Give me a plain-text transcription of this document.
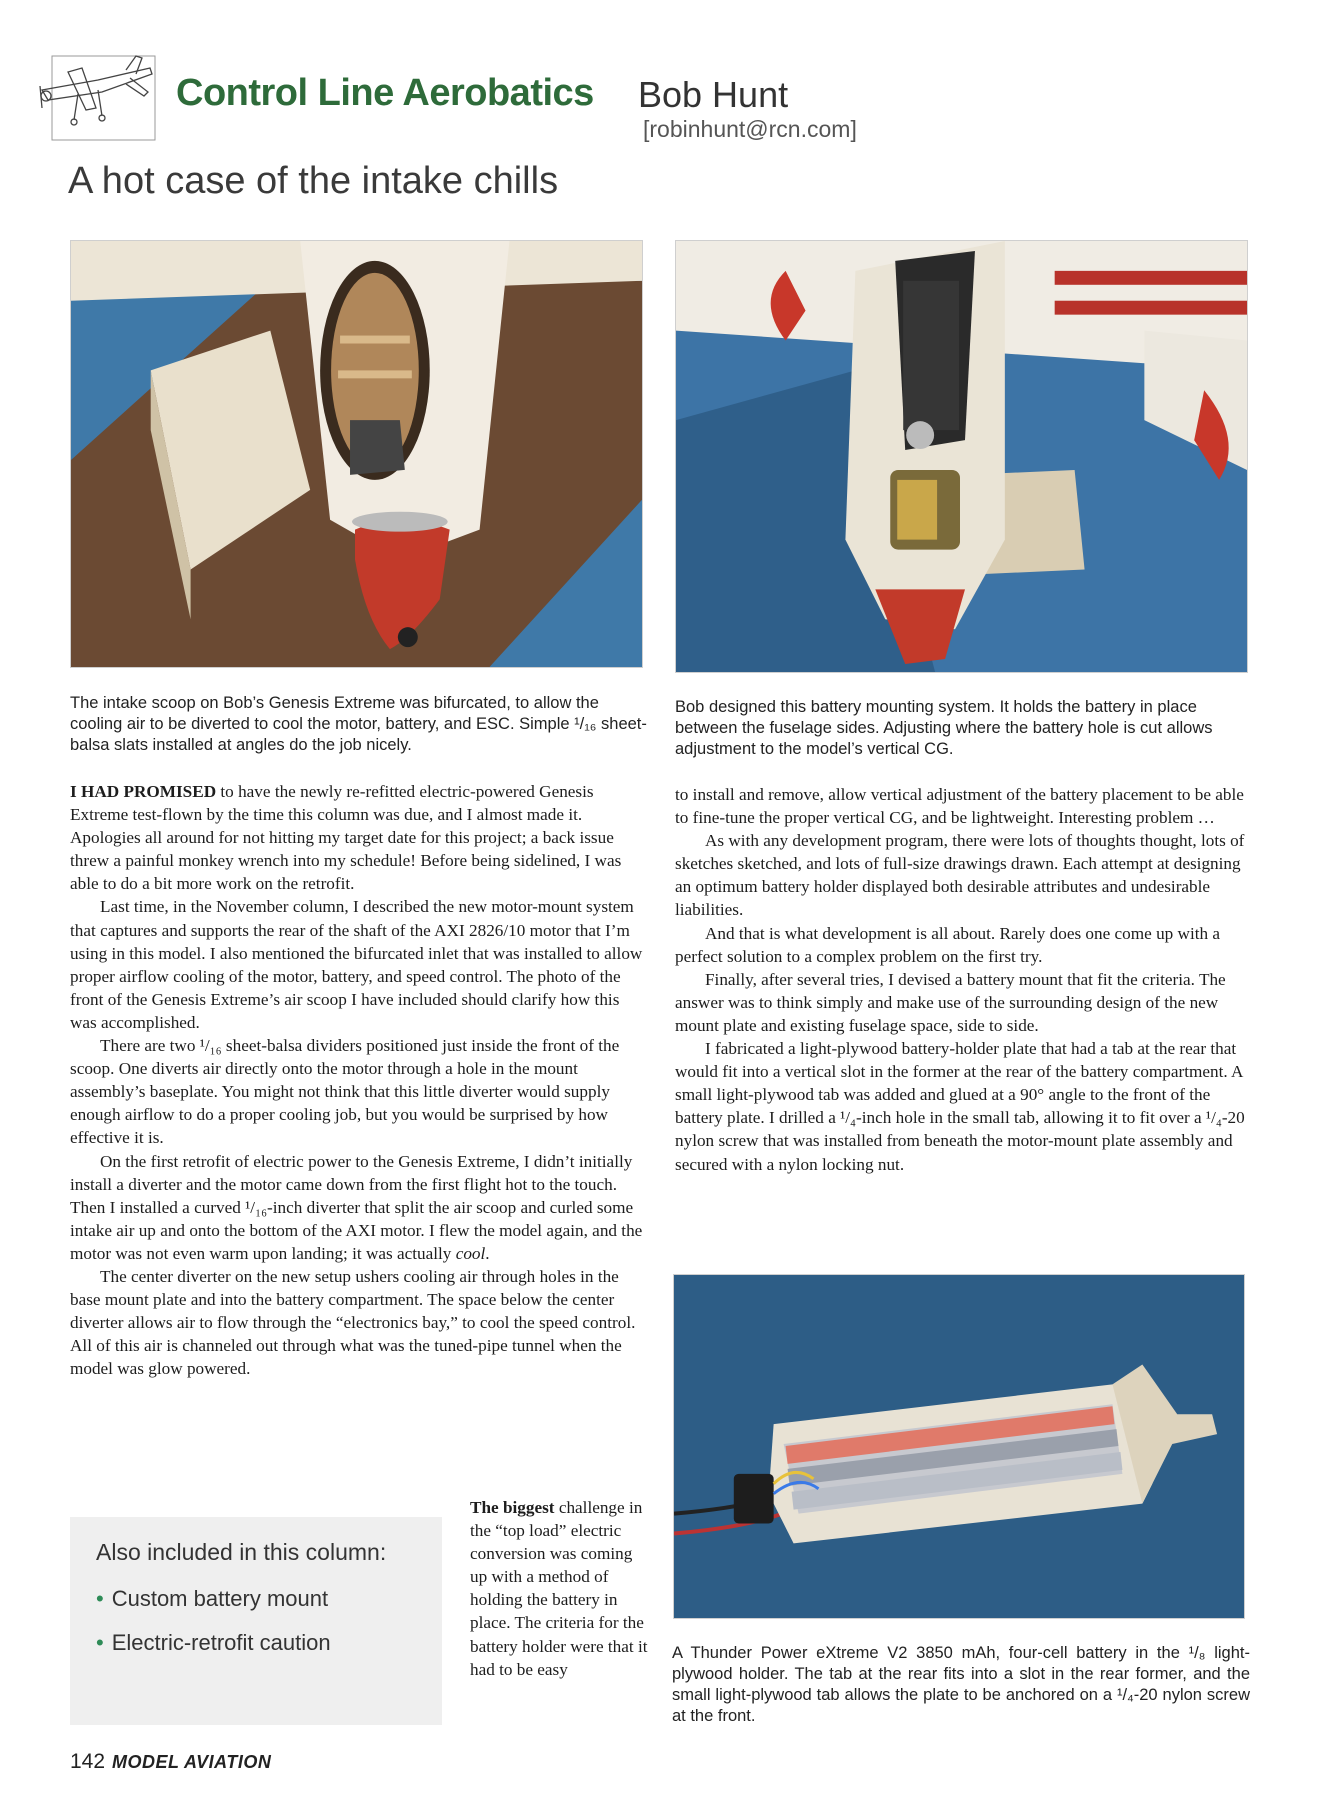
Control Line Aerobatics Bob Hunt
[robinhunt@rcn.com]
A hot case of the intake chills
The intake scoop on Bob’s Genesis Extreme was bifurcated, to allow the cooling air to be diverted to cool the motor, battery, and ESC. Simple ¹/₁₆ sheet-balsa slats installed at angles do the job nicely.
Bob designed this battery mounting system. It holds the battery in place between the fuselage sides. Adjusting where the battery hole is cut allows adjustment to the model’s vertical CG.

I HAD PROMISED to have the newly re-refitted electric-powered Genesis Extreme test-flown by the time this column was due, and I almost made it. Apologies all around for not hitting my target date for this project; a back issue threw a painful monkey wrench into my schedule! Before being sidelined, I was able to do a bit more work on the retrofit.

Last time, in the November column, I described the new motor-mount system that captures and supports the rear of the shaft of the AXI 2826/10 motor that I’m using in this model. I also mentioned the bifurcated inlet that was installed to allow proper airflow cooling of the motor, battery, and speed control. The photo of the front of the Genesis Extreme’s air scoop I have included should clarify how this was accomplished.

There are two ¹/₁₆ sheet-balsa dividers positioned just inside the front of the scoop. One diverts air directly onto the motor through a hole in the mount assembly’s baseplate. You might not think that this little diverter would supply enough airflow to do a proper cooling job, but you would be surprised by how effective it is.

On the first retrofit of electric power to the Genesis Extreme, I didn’t initially install a diverter and the motor came down from the first flight hot to the touch. Then I installed a curved ¹/₁₆-inch diverter that split the air scoop and curled some intake air up and onto the bottom of the AXI motor. I flew the model again, and the motor was not even warm upon landing; it was actually cool.

The center diverter on the new setup ushers cooling air through holes in the base mount plate and into the battery compartment. The space below the center diverter allows air to flow through the “electronics bay,” to cool the speed control. All of this air is channeled out through what was the tuned-pipe tunnel when the model was glow powered.

The biggest challenge in the “top load” electric conversion was coming up with a method of holding the battery in place. The criteria for the battery holder were that it had to be easy

Also included in this column:
• Custom battery mount
• Electric-retrofit caution

to install and remove, allow vertical adjustment of the battery placement to be able to fine-tune the proper vertical CG, and be lightweight. Interesting problem …

As with any development program, there were lots of thoughts thought, lots of sketches sketched, and lots of full-size drawings drawn. Each attempt at designing an optimum battery holder displayed both desirable attributes and undesirable liabilities.

And that is what development is all about. Rarely does one come up with a perfect solution to a complex problem on the first try.

Finally, after several tries, I devised a battery mount that fit the criteria. The answer was to think simply and make use of the surrounding design of the new mount plate and existing fuselage space, side to side.

I fabricated a light-plywood battery-holder plate that had a tab at the rear that would fit into a vertical slot in the former at the rear of the battery compartment. A small light-plywood tab was added and glued at a 90° angle to the front of the battery plate. I drilled a ¹/₄-inch hole in the small tab, allowing it to fit over a ¹/₄-20 nylon screw that was installed from beneath the motor-mount plate assembly and secured with a nylon locking nut.

A Thunder Power eXtreme V2 3850 mAh, four-cell battery in the ¹/₈ light-plywood holder. The tab at the rear fits into a slot in the rear former, and the small light-plywood tab allows the plate to be anchored on a ¹/₄-20 nylon screw at the front.
142 MODEL AVIATION
